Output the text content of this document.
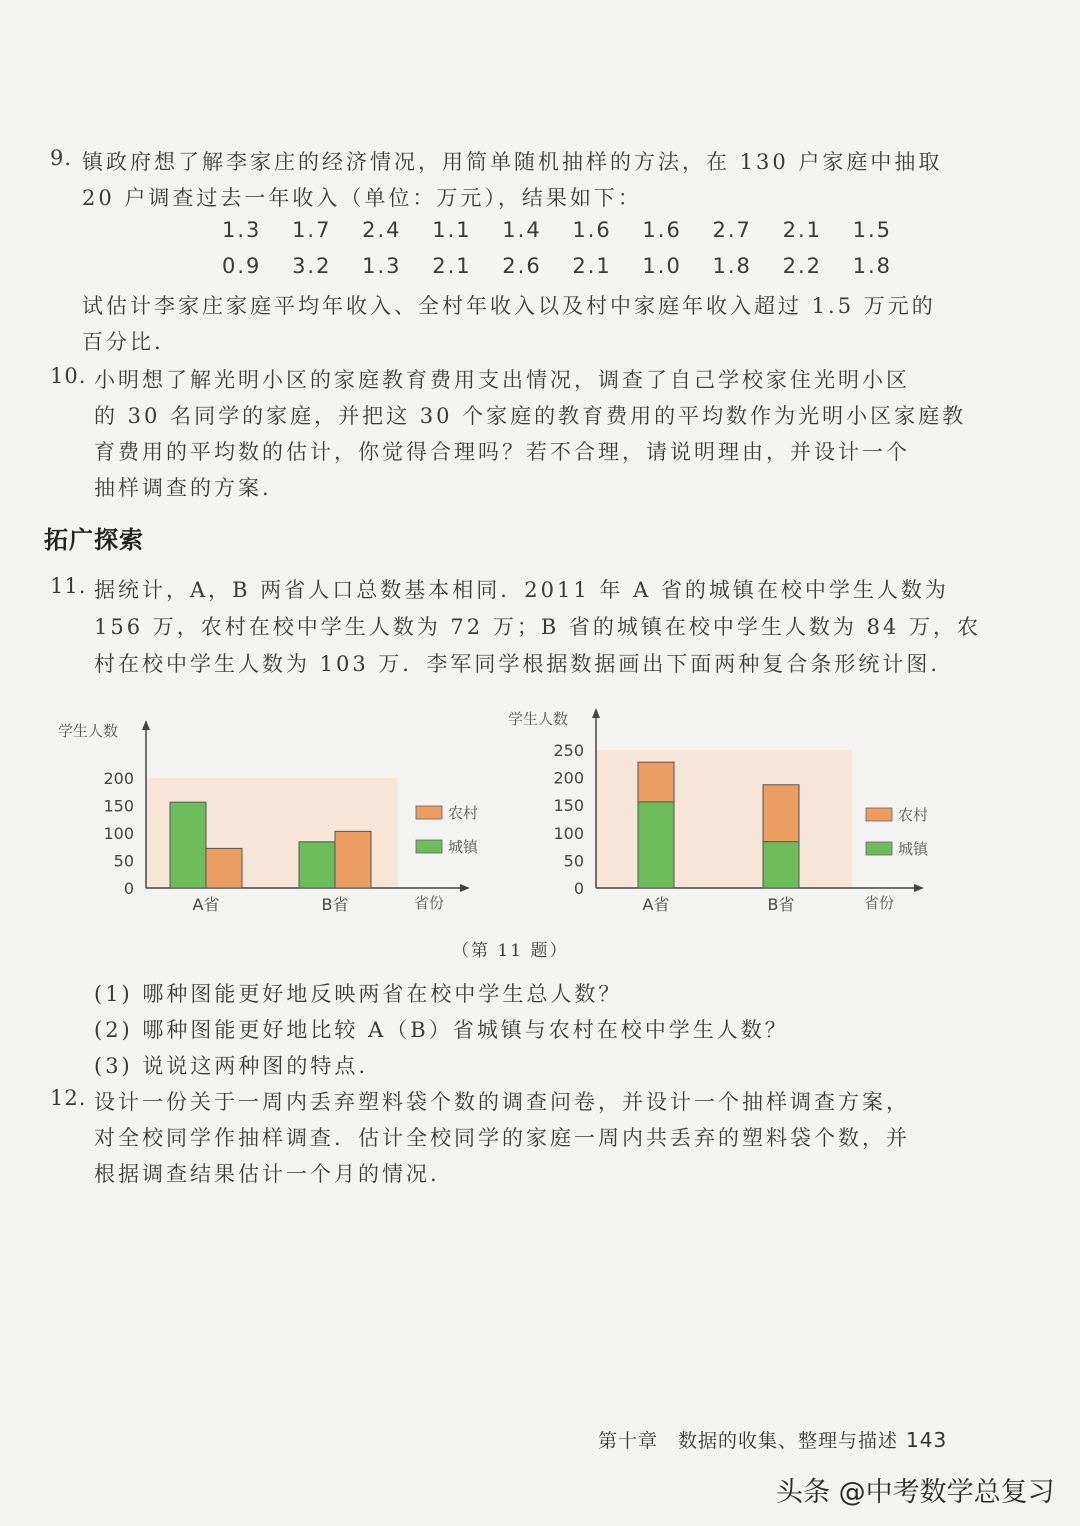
9. 镇政府想了解李家庄的经济情况，用简单随机抽样的方法，在 130 户家庭中抽取
20 户调查过去一年收入（单位：万元），结果如下：
1.3 1.7 2.4 1.1 1.4 1.6 1.6 2.7 2.1 1.5
0.9 3.2 1.3 2.1 2.6 2.1 1.0 1.8 2.2 1.8
试估计李家庄家庭平均年收入、全村年收入以及村中家庭年收入超过 1.5 万元的
百分比.
10. 小明想了解光明小区的家庭教育费用支出情况，调查了自己学校家住光明小区
的 30 名同学的家庭，并把这 30 个家庭的教育费用的平均数作为光明小区家庭教
育费用的平均数的估计，你觉得合理吗？若不合理，请说明理由，并设计一个
抽样调查的方案.
拓广探索
11. 据统计，A，B 两省人口总数基本相同．2011 年 A 省的城镇在校中学生人数为
156 万，农村在校中学生人数为 72 万；B 省的城镇在校中学生人数为 84 万，农
村在校中学生人数为 103 万．李军同学根据数据画出下面两种复合条形统计图.
学生人数
省份
0
50
100
150
200
A省	B省
农村
城镇
学生人数
省份
0
50
100
150
200
250
A省	B省
农村
城镇
（第 11 题）
(1) 哪种图能更好地反映两省在校中学生总人数？
(2) 哪种图能更好地比较 A（B）省城镇与农村在校中学生人数？
(3) 说说这两种图的特点.
12. 设计一份关于一周内丢弃塑料袋个数的调查问卷，并设计一个抽样调查方案，
对全校同学作抽样调查．估计全校同学的家庭一周内共丢弃的塑料袋个数，并
根据调查结果估计一个月的情况.
第十章　数据的收集、整理与描述 143
头条 @中考数学总复习
